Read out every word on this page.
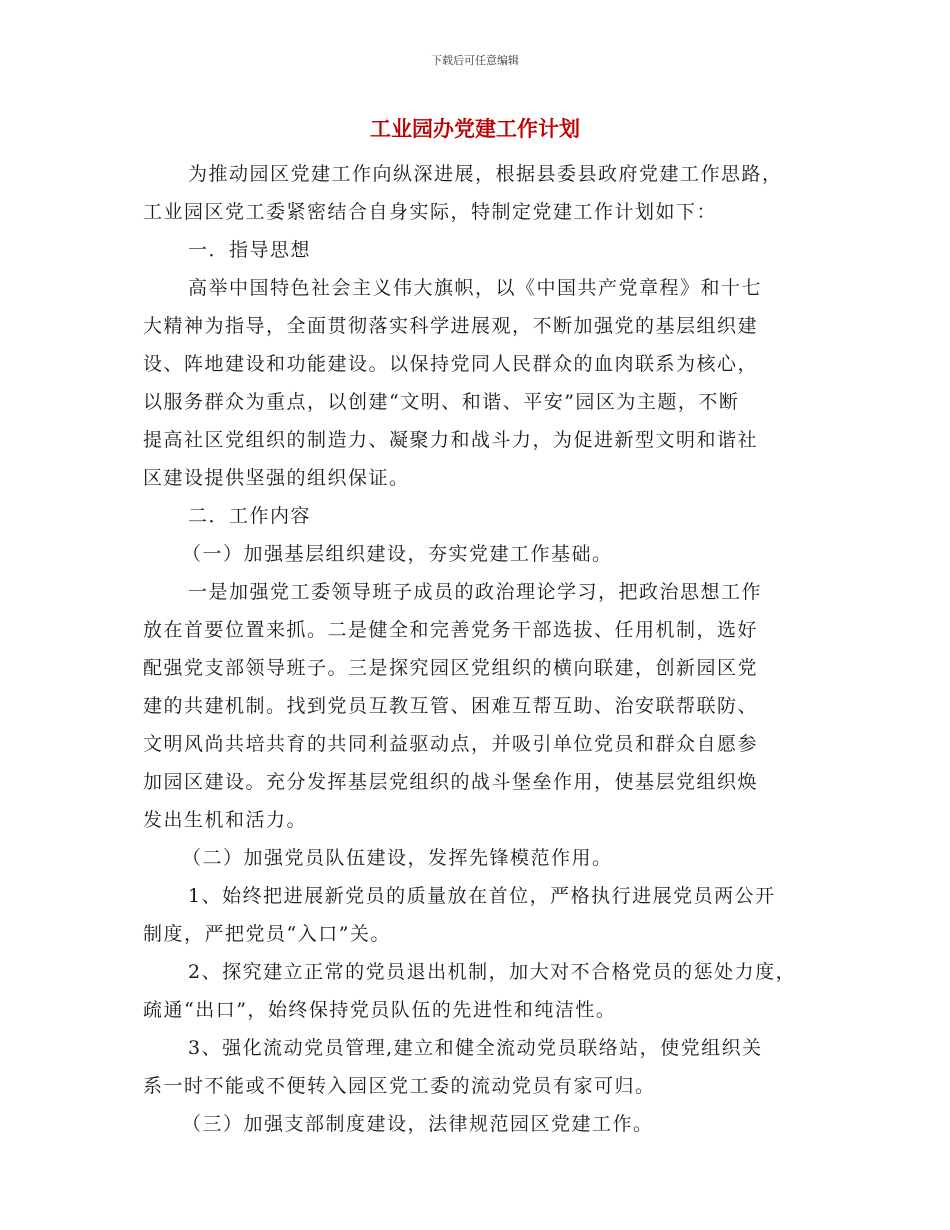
下载后可任意编辑
工业园办党建工作计划
为推动园区党建工作向纵深进展，根据县委县政府党建工作思路，
工业园区党工委紧密结合自身实际，特制定党建工作计划如下：
一．指导思想
高举中国特色社会主义伟大旗帜，以《中国共产党章程》和十七
大精神为指导，全面贯彻落实科学进展观，不断加强党的基层组织建
设、阵地建设和功能建设。以保持党同人民群众的血肉联系为核心，
以服务群众为重点，以创建“文明、和谐、平安”园区为主题，不断
提高社区党组织的制造力、凝聚力和战斗力，为促进新型文明和谐社
区建设提供坚强的组织保证。
二．工作内容
（一）加强基层组织建设，夯实党建工作基础。
一是加强党工委领导班子成员的政治理论学习，把政治思想工作
放在首要位置来抓。二是健全和完善党务干部选拔、任用机制，选好
配强党支部领导班子。三是探究园区党组织的横向联建，创新园区党
建的共建机制。找到党员互教互管、困难互帮互助、治安联帮联防、
文明风尚共培共育的共同利益驱动点，并吸引单位党员和群众自愿参
加园区建设。充分发挥基层党组织的战斗堡垒作用，使基层党组织焕
发出生机和活力。
（二）加强党员队伍建设，发挥先锋模范作用。
1、始终把进展新党员的质量放在首位，严格执行进展党员两公开
制度，严把党员“入口”关。
2、探究建立正常的党员退出机制，加大对不合格党员的惩处力度，
疏通“出口”，始终保持党员队伍的先进性和纯洁性。
3、强化流动党员管理,建立和健全流动党员联络站，使党组织关
系一时不能或不便转入园区党工委的流动党员有家可归。
（三）加强支部制度建设，法律规范园区党建工作。
